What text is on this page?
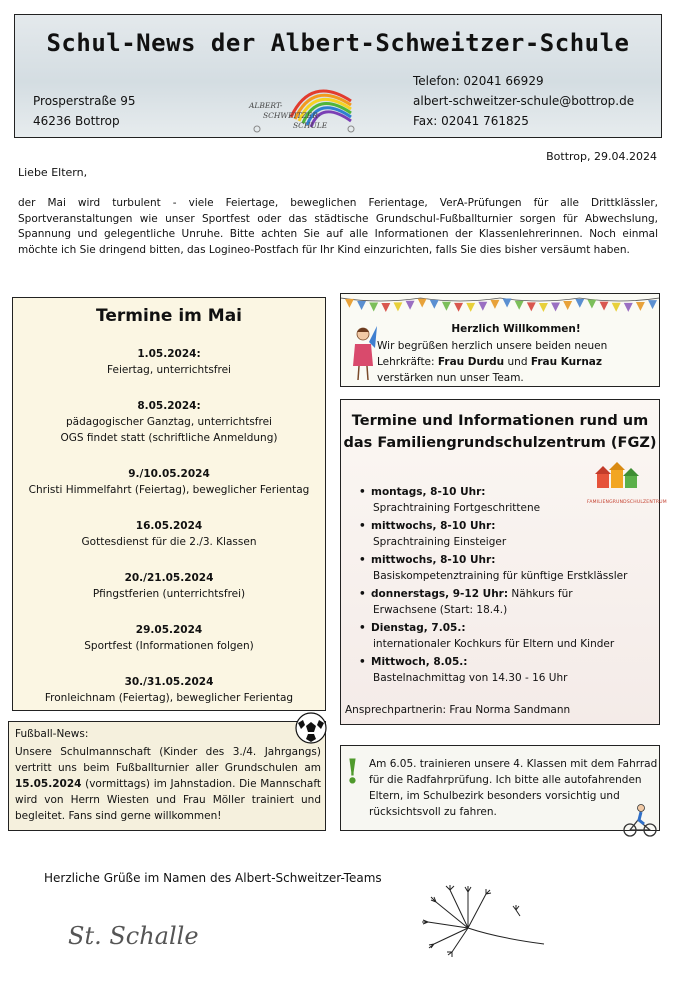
Schul-News der Albert-Schweitzer-Schule
Prosperstraße 95
46236 Bottrop
ALBERT-
SCHWEITZER-
SCHULE
Telefon: 02041 66929
albert-schweitzer-schule@bottrop.de
Fax: 02041 761825
Bottrop, 29.04.2024
Liebe Eltern,
der Mai wird turbulent - viele Feiertage, beweglichen Ferientage, VerA-Prüfungen für alle Drittklässler, Sportveranstaltungen wie unser Sportfest oder das städtische Grundschul-Fußballturnier sorgen für Abwechslung, Spannung und gelegentliche Unruhe. Bitte achten Sie auf alle Informationen der Klassenlehrerinnen. Noch einmal möchte ich Sie dringend bitten, das Logineo-Postfach für Ihr Kind einzurichten, falls Sie dies bisher versäumt haben.
Termine im Mai
1.05.2024:
Feiertag, unterrichtsfrei
8.05.2024:
pädagogischer Ganztag, unterrichtsfrei
OGS findet statt (schriftliche Anmeldung)
9./10.05.2024
Christi Himmelfahrt (Feiertag), beweglicher Ferientag
16.05.2024
Gottesdienst für die 2./3. Klassen
20./21.05.2024
Pfingstferien (unterrichtsfrei)
29.05.2024
Sportfest (Informationen folgen)
30./31.05.2024
Fronleichnam (Feiertag), beweglicher Ferientag
Herzlich Willkommen!
Wir begrüßen herzlich unsere beiden neuen Lehrkräfte: Frau Durdu und Frau Kurnaz verstärken nun unser Team.
Termine und Informationen rund um
das Familiengrundschulzentrum (FGZ)
FAMILIENGRUNDSCHULZENTRUM
• montags, 8-10 Uhr:
Sprachtraining Fortgeschrittene
• mittwochs, 8-10 Uhr:
Sprachtraining Einsteiger
• mittwochs, 8-10 Uhr:
Basiskompetenztraining für künftige Erstklässler
• donnerstags, 9-12 Uhr: Nähkurs für
Erwachsene (Start: 18.4.)
• Dienstag, 7.05.:
internationaler Kochkurs für Eltern und Kinder
• Mittwoch, 8.05.:
Bastelnachmittag von 14.30 - 16 Uhr
Ansprechpartnerin: Frau Norma Sandmann
Fußball-News:
Unsere Schulmannschaft (Kinder des 3./4. Jahrgangs) vertritt uns beim Fußballturnier aller Grundschulen am 15.05.2024 (vormittags) im Jahnstadion. Die Mannschaft wird von Herrn Wiesten und Frau Möller trainiert und begleitet. Fans sind gerne willkommen!
! Am 6.05. trainieren unsere 4. Klassen mit dem Fahrrad für die Radfahrprüfung. Ich bitte alle autofahrenden Eltern, im Schulbezirk besonders vorsichtig und rücksichtsvoll zu fahren.
Herzliche Grüße im Namen des Albert-Schweitzer-Teams
St. Schalle
